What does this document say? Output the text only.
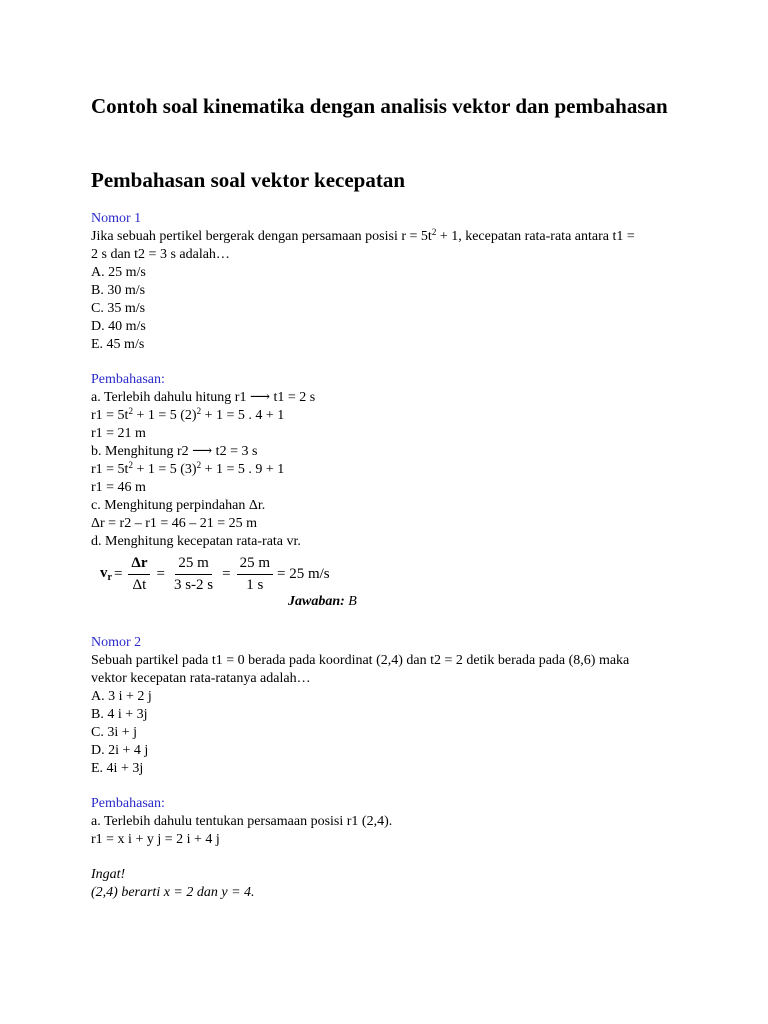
Contoh soal kinematika dengan analisis vektor dan pembahasan
Pembahasan soal vektor kecepatan
Nomor 1
Jika sebuah pertikel bergerak dengan persamaan posisi $r = 5t^2 + 1$, kecepatan rata-rata antara t1 =
2 s dan t2 = 3 s adalah…
A. 25 m/s
B. 30 m/s
C. 35 m/s
D. 40 m/s
E. 45 m/s
Pembahasan:
a. Terlebih dahulu hitung r1 ⟶ t1 = 2 s
$r1 = 5t^2 + 1 = 5$ $(2)^2 + 1 = 5$ . 4 + 1
r1 = 21 m
b. Menghitung r2 ⟶ t2 = 3 s
$r1 = 5t^2 + 1 = 5$ $(3)^2 + 1 = 5$ . 9 + 1
r1 = 46 m
c. Menghitung perpindahan Δr.
Δr = r2 – r1 = 46 – 21 = 25 m
d. Menghitung kecepatan rata-rata vr.
$v_r = \frac{\Delta r}{\Delta t} = \frac{25 m}{3 s-2 s} = \frac{25 m}{1 s} = 25$ m/s
Jawaban: B
Nomor 2
Sebuah partikel pada t1 = 0 berada pada koordinat (2,4) dan t2 = 2 detik berada pada (8,6) maka
vektor kecepatan rata-ratanya adalah…
A. 3 i + 2 j
B. 4 i + 3j
C. 3i + j
D. 2i + 4 j
E. 4i + 3j
Pembahasan:
a. Terlebih dahulu tentukan persamaan posisi r1 (2,4).
r1 = x i + y j = 2 i + 4 j
Ingat!
(2,4) berarti x = 2 dan y = 4.
